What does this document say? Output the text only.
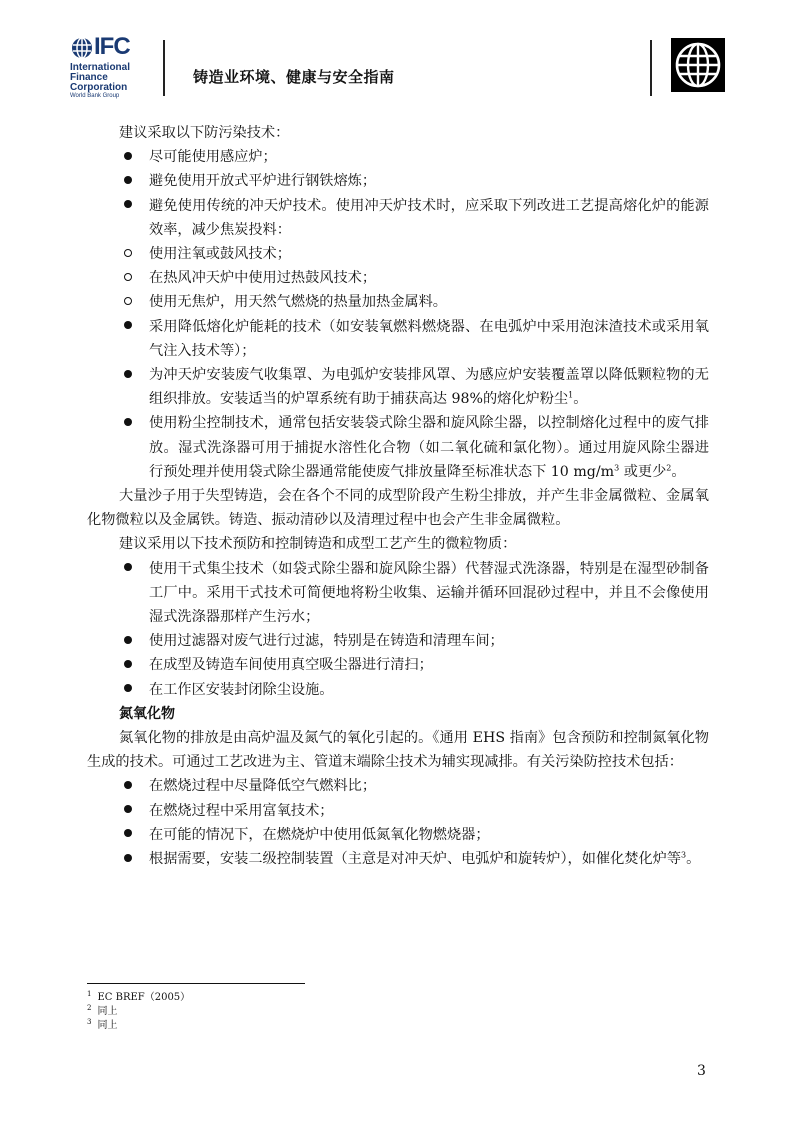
IFC
International
Finance
Corporation
World Bank Group
铸造业环境、健康与安全指南

建议采取以下防污染技术：

尽可能使用感应炉；
避免使用开放式平炉进行钢铁熔炼；
避免使用传统的冲天炉技术。使用冲天炉技术时，应采取下列改进工艺提高熔化炉的能源效率，减少焦炭投料：
使用注氧或鼓风技术；
在热风冲天炉中使用过热鼓风技术；
使用无焦炉，用天然气燃烧的热量加热金属料。
采用降低熔化炉能耗的技术（如安装氧燃料燃烧器、在电弧炉中采用泡沫渣技术或采用氧气注入技术等）；
为冲天炉安装废气收集罩、为电弧炉安装排风罩、为感应炉安装覆盖罩以降低颗粒物的无组织排放。安装适当的炉罩系统有助于捕获高达 98%的熔化炉粉尘$^1$。
使用粉尘控制技术，通常包括安装袋式除尘器和旋风除尘器，以控制熔化过程中的废气排放。湿式洗涤器可用于捕捉水溶性化合物（如二氧化硫和氯化物）。通过用旋风除尘器进行预处理并使用袋式除尘器通常能使废气排放量降至标准状态下 10 $mg/m^3$ 或更少$^2$。

大量沙子用于失型铸造，会在各个不同的成型阶段产生粉尘排放，并产生非金属微粒、金属氧化物微粒以及金属铁。铸造、振动清砂以及清理过程中也会产生非金属微粒。

建议采用以下技术预防和控制铸造和成型工艺产生的微粒物质：

使用干式集尘技术（如袋式除尘器和旋风除尘器）代替湿式洗涤器，特别是在湿型砂制备工厂中。采用干式技术可简便地将粉尘收集、运输并循环回混砂过程中，并且不会像使用湿式洗涤器那样产生污水；
使用过滤器对废气进行过滤，特别是在铸造和清理车间；
在成型及铸造车间使用真空吸尘器进行清扫；
在工作区安装封闭除尘设施。

氮氧化物

氮氧化物的排放是由高炉温及氮气的氧化引起的。《通用 EHS 指南》包含预防和控制氮氧化物生成的技术。可通过工艺改进为主、管道末端除尘技术为辅实现减排。有关污染防控技术包括：

在燃烧过程中尽量降低空气燃料比；
在燃烧过程中采用富氧技术；
在可能的情况下，在燃烧炉中使用低氮氧化物燃烧器；
根据需要，安装二级控制装置（主意是对冲天炉、电弧炉和旋转炉），如催化焚化炉等$^3$。
$^1$ EC BREF（2005）
$^2$ 同上
$^3$ 同上
3
